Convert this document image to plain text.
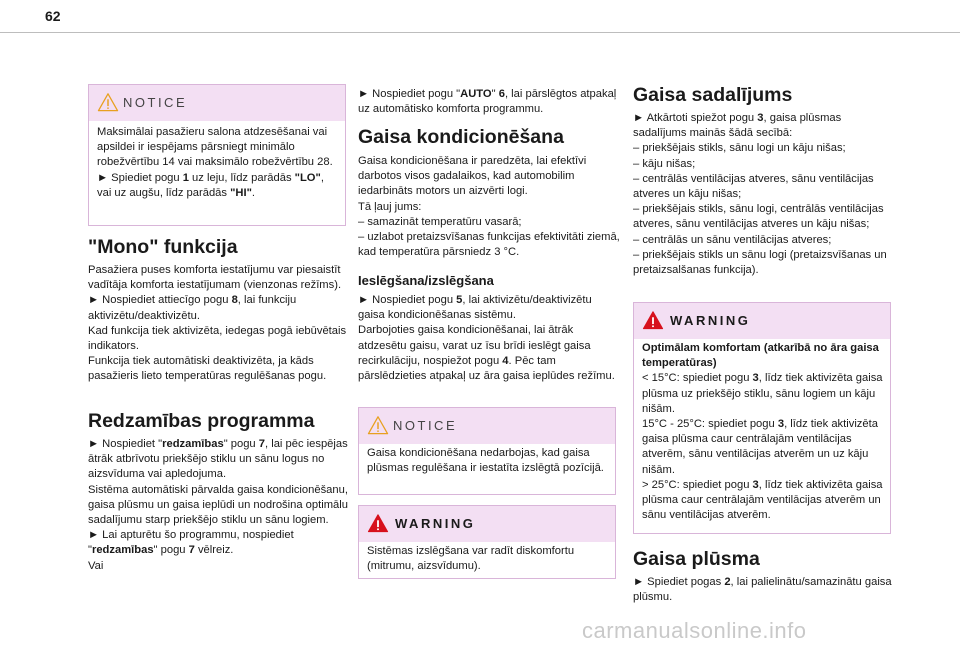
62
NOTICE

Maksimālai pasažieru salona atdzesēšanai vai apsildei ir iespējams pārsniegt minimālo robežvērtību 14 vai maksimālo robežvērtību 28.
► Spiediet pogu 1 uz leju, līdz parādās "LO", vai uz augšu, līdz parādās "HI".

"Mono" funkcija

Pasažiera puses komforta iestatījumu var piesaistīt vadītāja komforta iestatījumam (vienzonas režīms).
► Nospiediet attiecīgo pogu 8, lai funkciju aktivizētu/deaktivizētu.
Kad funkcija tiek aktivizēta, iedegas pogā iebūvētais indikators.
Funkcija tiek automātiski deaktivizēta, ja kāds pasažieris lieto temperatūras regulēšanas pogu.

Redzamības programma

► Nospiediet "redzamības" pogu 7, lai pēc iespējas ātrāk atbrīvotu priekšējo stiklu un sānu logus no aizsvīduma vai apledojuma.
Sistēma automātiski pārvalda gaisa kondicionēšanu, gaisa plūsmu un gaisa ieplūdi un nodrošina optimālu sadalījumu starp priekšējo stiklu un sānu logiem.
► Lai apturētu šo programmu, nospiediet "redzamības" pogu 7 vēlreiz.
Vai

► Nospiediet pogu "AUTO" 6, lai pārslēgtos atpakaļ uz automātisko komforta programmu.

Gaisa kondicionēšana

Gaisa kondicionēšana ir paredzēta, lai efektīvi darbotos visos gadalaikos, kad automobilim iedarbināts motors un aizvērti logi.
Tā ļauj jums:
– samazināt temperatūru vasarā;
– uzlabot pretaizsvīšanas funkcijas efektivitāti ziemā, kad temperatūra pārsniedz 3 °C.

Ieslēgšana/izslēgšana

► Nospiediet pogu 5, lai aktivizētu/deaktivizētu gaisa kondicionēšanas sistēmu.
Darbojoties gaisa kondicionēšanai, lai ātrāk atdzesētu gaisu, varat uz īsu brīdi ieslēgt gaisa recirkulāciju, nospiežot pogu 4. Pēc tam pārslēdzieties atpakaļ uz āra gaisa ieplūdes režīmu.

NOTICE

Gaisa kondicionēšana nedarbojas, kad gaisa plūsmas regulēšana ir iestatīta izslēgtā pozīcijā.

WARNING

Sistēmas izslēgšana var radīt diskomfortu (mitrumu, aizsvīdumu).

Gaisa sadalījums

► Atkārtoti spiežot pogu 3, gaisa plūsmas sadalījums mainās šādā secībā:
– priekšējais stikls, sānu logi un kāju nišas;
– kāju nišas;
– centrālās ventilācijas atveres, sānu ventilācijas atveres un kāju nišas;
– priekšējais stikls, sānu logi, centrālās ventilācijas atveres, sānu ventilācijas atveres un kāju nišas;
– centrālās un sānu ventilācijas atveres;
– priekšējais stikls un sānu logi (pretaizsvīšanas un pretaizsalšanas funkcija).

WARNING

Optimālam komfortam (atkarībā no āra gaisa temperatūras)
< 15°C: spiediet pogu 3, līdz tiek aktivizēta gaisa plūsma uz priekšējo stiklu, sānu logiem un kāju nišām.
15°C - 25°C: spiediet pogu 3, līdz tiek aktivizēta gaisa plūsma caur centrālajām ventilācijas atverēm, sānu ventilācijas atverēm un uz kāju nišām.
> 25°C: spiediet pogu 3, līdz tiek aktivizēta gaisa plūsma caur centrālajām ventilācijas atverēm un sānu ventilācijas atverēm.

Gaisa plūsma

► Spiediet pogas 2, lai palielinātu/samazinātu gaisa plūsmu.

carmanualsonline.info
